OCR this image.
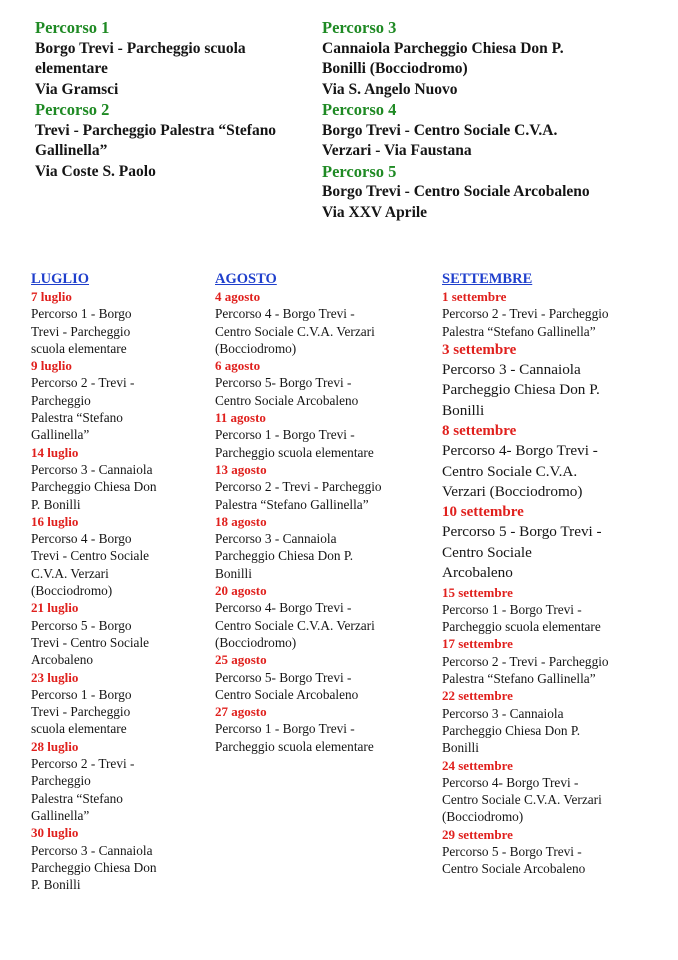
Percorso 1
Borgo Trevi - Parcheggio scuola
elementare
Via Gramsci
Percorso 2
Trevi - Parcheggio Palestra “Stefano
Gallinella”
Via Coste S. Paolo
Percorso 3
Cannaiola Parcheggio Chiesa Don P.
Bonilli (Bocciodromo)
Via S. Angelo Nuovo
Percorso 4
Borgo Trevi - Centro Sociale C.V.A.
Verzari - Via Faustana
Percorso 5
Borgo Trevi - Centro Sociale Arcobaleno
Via XXV Aprile
LUGLIO
7 luglio
Percorso 1 - Borgo
Trevi - Parcheggio
scuola elementare
9 luglio
Percorso 2 - Trevi -
Parcheggio
Palestra “Stefano
Gallinella”
14 luglio
Percorso 3 - Cannaiola
Parcheggio Chiesa Don
P. Bonilli
16 luglio
Percorso 4 - Borgo
Trevi - Centro Sociale
C.V.A. Verzari
(Bocciodromo)
21 luglio
Percorso 5 - Borgo
Trevi - Centro Sociale
Arcobaleno
23 luglio
Percorso 1 - Borgo
Trevi - Parcheggio
scuola elementare
28 luglio
Percorso 2 - Trevi -
Parcheggio
Palestra “Stefano
Gallinella”
30 luglio
Percorso 3 - Cannaiola
Parcheggio Chiesa Don
P. Bonilli
AGOSTO
4 agosto
Percorso 4 - Borgo Trevi -
Centro Sociale C.V.A. Verzari
(Bocciodromo)
6 agosto
Percorso 5- Borgo Trevi -
Centro Sociale Arcobaleno
11 agosto
Percorso 1 - Borgo Trevi -
Parcheggio scuola elementare
13 agosto
Percorso 2 - Trevi - Parcheggio
Palestra “Stefano Gallinella”
18 agosto
Percorso 3 - Cannaiola
Parcheggio Chiesa Don P.
Bonilli
20 agosto
Percorso 4- Borgo Trevi -
Centro Sociale C.V.A. Verzari
(Bocciodromo)
25 agosto
Percorso 5- Borgo Trevi -
Centro Sociale Arcobaleno
27 agosto
Percorso 1 - Borgo Trevi -
Parcheggio scuola elementare
SETTEMBRE
1 settembre
Percorso 2 - Trevi - Parcheggio
Palestra “Stefano Gallinella”
3 settembre
Percorso 3 - Cannaiola
Parcheggio Chiesa Don P.
Bonilli
8 settembre
Percorso 4- Borgo Trevi -
Centro Sociale C.V.A.
Verzari (Bocciodromo)
10 settembre
Percorso 5 - Borgo Trevi -
Centro Sociale
Arcobaleno
15 settembre
Percorso 1 - Borgo Trevi -
Parcheggio scuola elementare
17 settembre
Percorso 2 - Trevi - Parcheggio
Palestra “Stefano Gallinella”
22 settembre
Percorso 3 - Cannaiola
Parcheggio Chiesa Don P.
Bonilli
24 settembre
Percorso 4- Borgo Trevi -
Centro Sociale C.V.A. Verzari
(Bocciodromo)
29 settembre
Percorso 5 - Borgo Trevi -
Centro Sociale Arcobaleno
